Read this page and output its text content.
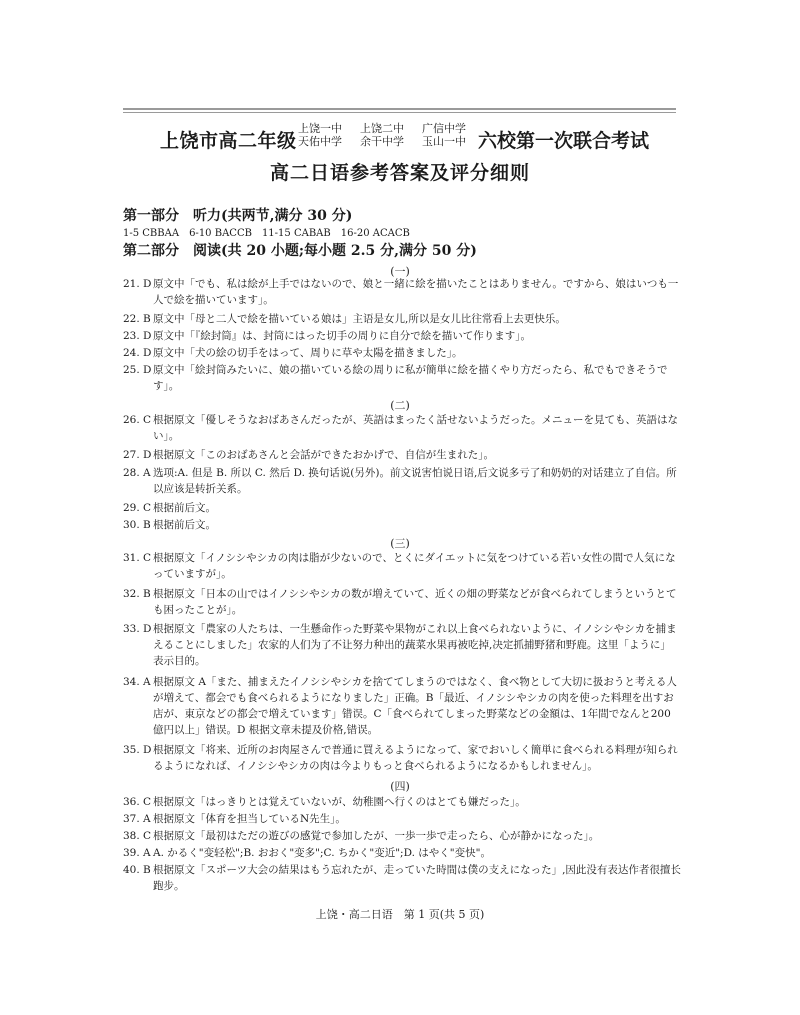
上饶市高二年级
上饶一中 上饶二中 广信中学
天佑中学 余干中学 玉山一中 六校第一次联合考试
高二日语参考答案及评分细则
第一部分　听力(共两节,满分 30 分)
1-5 CBBAA　6-10 BACCB　11-15 CABAB　16-20 ACACB
第二部分　阅读(共 20 小题;每小题 2.5 分,满分 50 分)
(一)
21. D 原文中「でも、私は絵が上手ではないので、娘と一緒に絵を描いたことはありません。ですから、娘はいつも一人で絵を描いています」。
22. B 原文中「母と二人で絵を描いている娘は」主语是女儿,所以是女儿比往常看上去更快乐。
23. D 原文中「『絵封筒』は、封筒にはった切手の周りに自分で絵を描いて作ります」。
24. D 原文中「犬の絵の切手をはって、周りに草や太陽を描きました」。
25. D 原文中「絵封筒みたいに、娘の描いている絵の周りに私が簡単に絵を描くやり方だったら、私でもできそうです」。
(二)
26. C 根据原文「優しそうなおばあさんだったが、英語はまったく話せないようだった。メニューを見ても、英語はない」。
27. D 根据原文「このおばあさんと会話ができたおかげで、自信が生まれた」。
28. A 选项:A. 但是 B. 所以 C. 然后 D. 换句话说(另外)。前文说害怕说日语,后文说多亏了和奶奶的对话建立了自信。所以应该是转折关系。
29. C 根据前后文。
30. B 根据前后文。
(三)
31. C 根据原文「イノシシやシカの肉は脂が少ないので、とくにダイエットに気をつけている若い女性の間で人気になっていますが」。
32. B 根据原文「日本の山ではイノシシやシカの数が増えていて、近くの畑の野菜などが食べられてしまうというとても困ったことが」。
33. D 根据原文「農家の人たちは、一生懸命作った野菜や果物がこれ以上食べられないように、イノシシやシカを捕まえることにしました」农家的人们为了不让努力种出的蔬菜水果再被吃掉,决定抓捕野猪和野鹿。这里「ように」表示目的。
34. A 根据原文 A「また、捕まえたイノシシやシカを捨ててしまうのではなく、食べ物として大切に扱おうと考える人が増えて、都会でも食べられるようになりました」正确。B「最近、イノシシやシカの肉を使った料理を出すお店が、東京などの都会で増えています」错误。C「食べられてしまった野菜などの金額は、1年間でなんと200億円以上」错误。D 根据文章未提及价格,错误。
35. D 根据原文「将来、近所のお肉屋さんで普通に買えるようになって、家でおいしく簡単に食べられる料理が知られるようになれば、イノシシやシカの肉は今よりもっと食べられるようになるかもしれません」。
(四)
36. C 根据原文「はっきりとは覚えていないが、幼稚園へ行くのはとても嫌だった」。
37. A 根据原文「体育を担当しているN先生」。
38. C 根据原文「最初はただの遊びの感覚で参加したが、一歩一歩で走ったら、心が静かになった」。
39. A A. かるく"变轻松";B. おおく"变多";C. ちかく"变近";D. はやく"变快"。
40. B 根据原文「スポーツ大会の結果はもう忘れたが、走っていた時間は僕の支えになった」,因此没有表达作者很擅长跑步。
上饶・高二日语　第 1 页(共 5 页)
